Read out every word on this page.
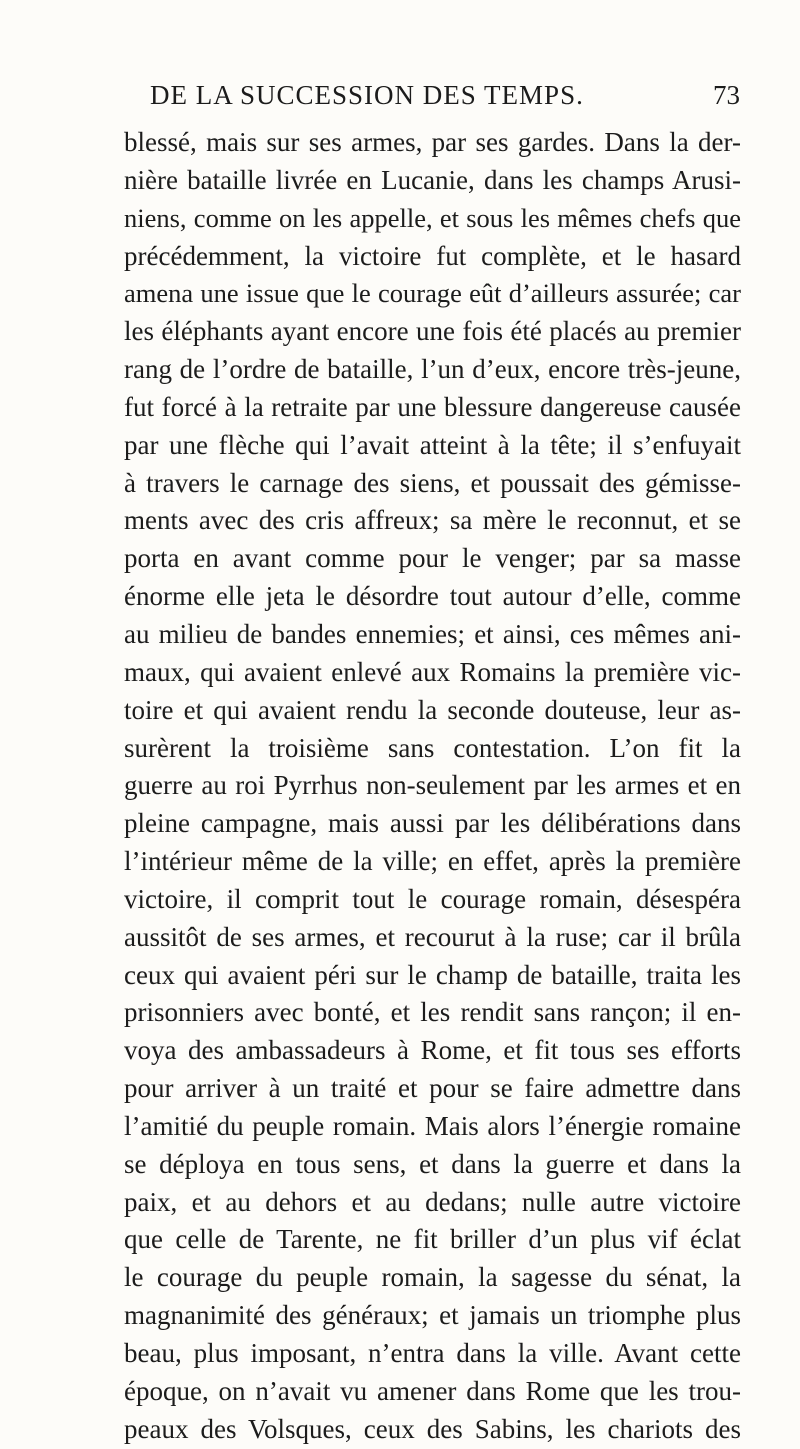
DE LA SUCCESSION DES TEMPS.	73
blessé, mais sur ses armes, par ses gardes. Dans la der-
nière bataille livrée en Lucanie, dans les champs Arusi-
niens, comme on les appelle, et sous les mêmes chefs que
précédemment, la victoire fut complète, et le hasard
amena une issue que le courage eût d’ailleurs assurée; car
les éléphants ayant encore une fois été placés au premier
rang de l’ordre de bataille, l’un d’eux, encore très-jeune,
fut forcé à la retraite par une blessure dangereuse causée
par une flèche qui l’avait atteint à la tête; il s’enfuyait
à travers le carnage des siens, et poussait des gémisse-
ments avec des cris affreux; sa mère le reconnut, et se
porta en avant comme pour le venger; par sa masse
énorme elle jeta le désordre tout autour d’elle, comme
au milieu de bandes ennemies; et ainsi, ces mêmes ani-
maux, qui avaient enlevé aux Romains la première vic-
toire et qui avaient rendu la seconde douteuse, leur as-
surèrent la troisième sans contestation. L’on fit la
guerre au roi Pyrrhus non-seulement par les armes et en
pleine campagne, mais aussi par les délibérations dans
l’intérieur même de la ville; en effet, après la première
victoire, il comprit tout le courage romain, désespéra
aussitôt de ses armes, et recourut à la ruse; car il brûla
ceux qui avaient péri sur le champ de bataille, traita les
prisonniers avec bonté, et les rendit sans rançon; il en-
voya des ambassadeurs à Rome, et fit tous ses efforts
pour arriver à un traité et pour se faire admettre dans
l’amitié du peuple romain. Mais alors l’énergie romaine
se déploya en tous sens, et dans la guerre et dans la
paix, et au dehors et au dedans; nulle autre victoire
que celle de Tarente, ne fit briller d’un plus vif éclat
le courage du peuple romain, la sagesse du sénat, la
magnanimité des généraux; et jamais un triomphe plus
beau, plus imposant, n’entra dans la ville. Avant cette
époque, on n’avait vu amener dans Rome que les trou-
peaux des Volsques, ceux des Sabins, les chariots des
